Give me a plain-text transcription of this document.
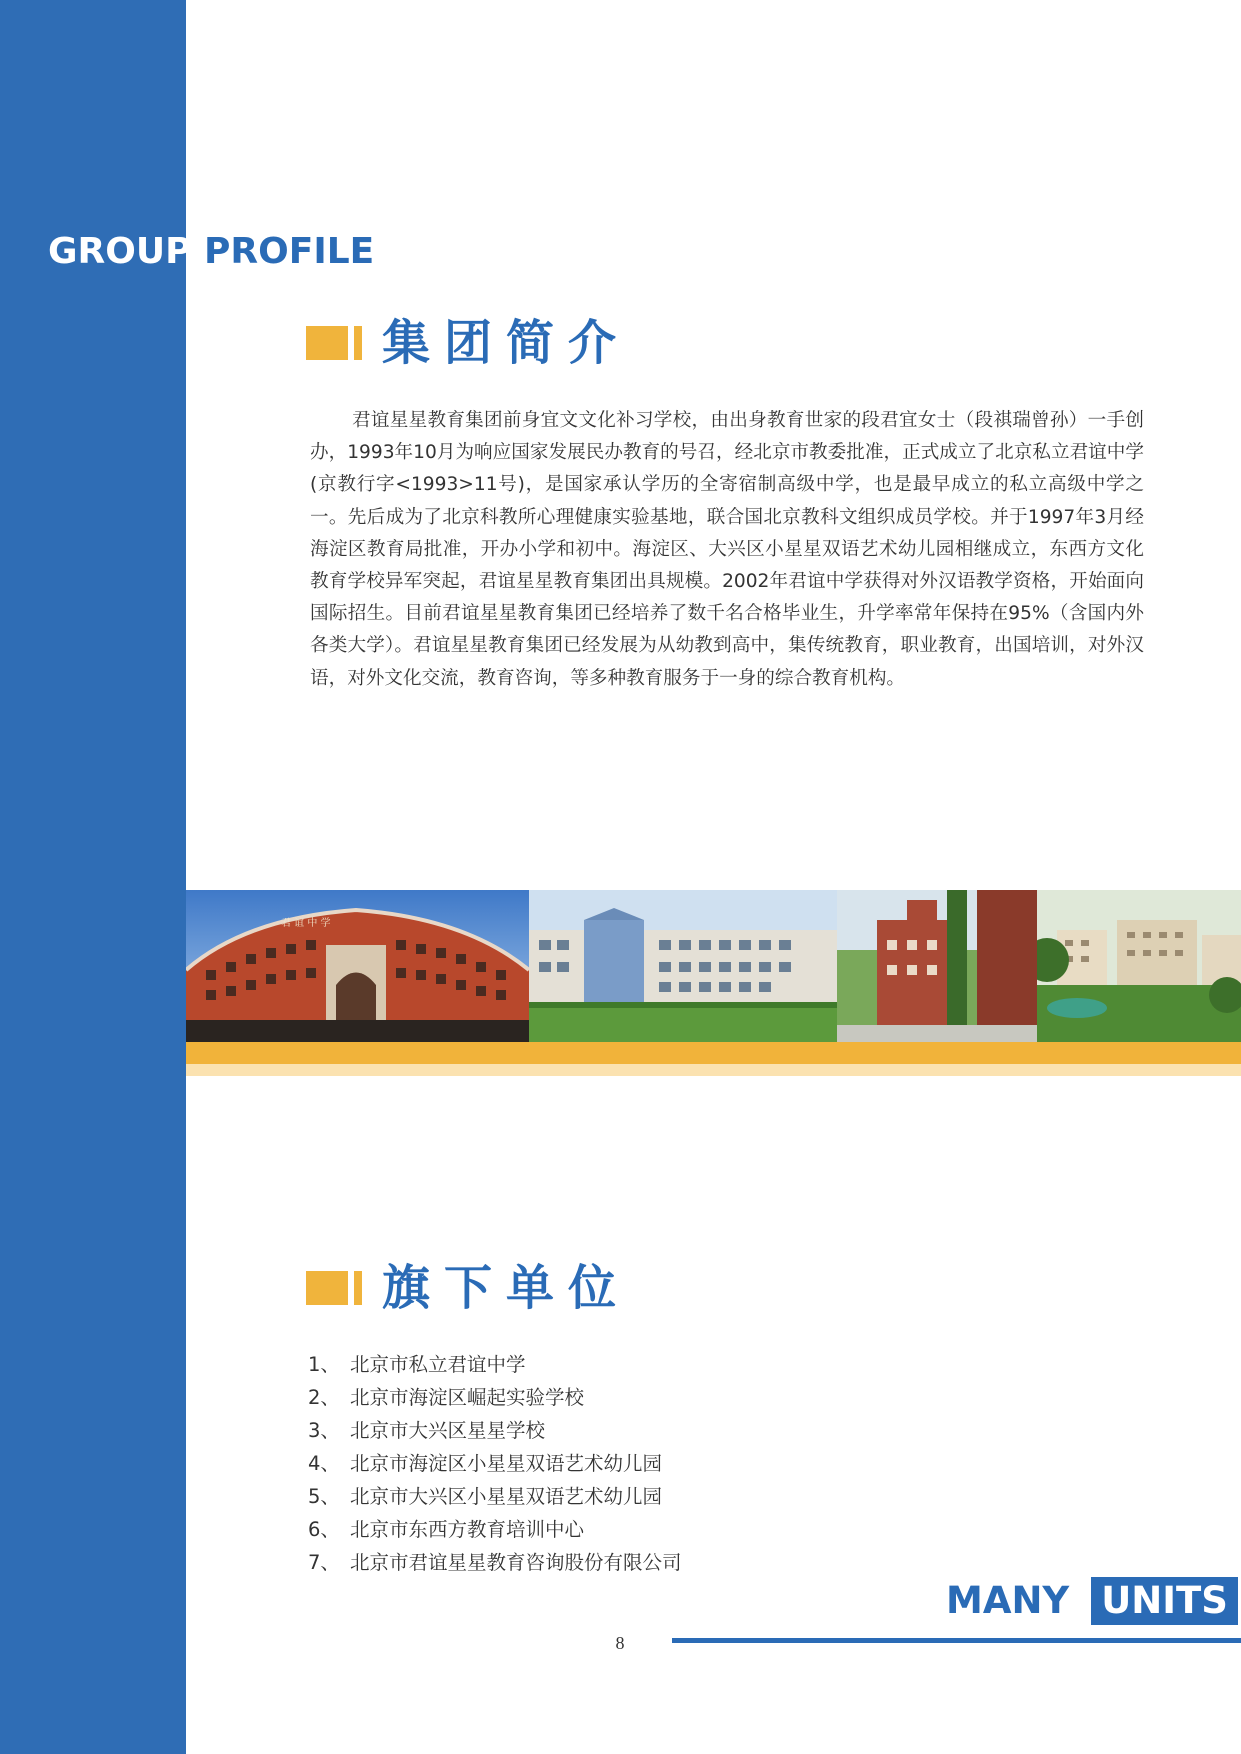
GROUP PROFILE
集团简介

君谊星星教育集团前身宜文文化补习学校，由出身教育世家的段君宜女士（段祺瑞曾孙）一手创办，1993年10月为响应国家发展民办教育的号召，经北京市教委批准，正式成立了北京私立君谊中学(京教行字<1993>11号)，是国家承认学历的全寄宿制高级中学，也是最早成立的私立高级中学之一。先后成为了北京科教所心理健康实验基地，联合国北京教科文组织成员学校。并于1997年3月经海淀区教育局批准，开办小学和初中。海淀区、大兴区小星星双语艺术幼儿园相继成立，东西方文化教育学校异军突起，君谊星星教育集团出具规模。2002年君谊中学获得对外汉语教学资格，开始面向国际招生。目前君谊星星教育集团已经培养了数千名合格毕业生，升学率常年保持在95%（含国内外各类大学）。君谊星星教育集团已经发展为从幼教到高中，集传统教育，职业教育，出国培训，对外汉语，对外文化交流，教育咨询，等多种教育服务于一身的综合教育机构。

君 谊 中 学
旗下单位
1、 北京市私立君谊中学
2、 北京市海淀区崛起实验学校
3、 北京市大兴区星星学校
4、 北京市海淀区小星星双语艺术幼儿园
5、 北京市大兴区小星星双语艺术幼儿园
6、 北京市东西方教育培训中心
7、 北京市君谊星星教育咨询股份有限公司
MANY UNITS
8
